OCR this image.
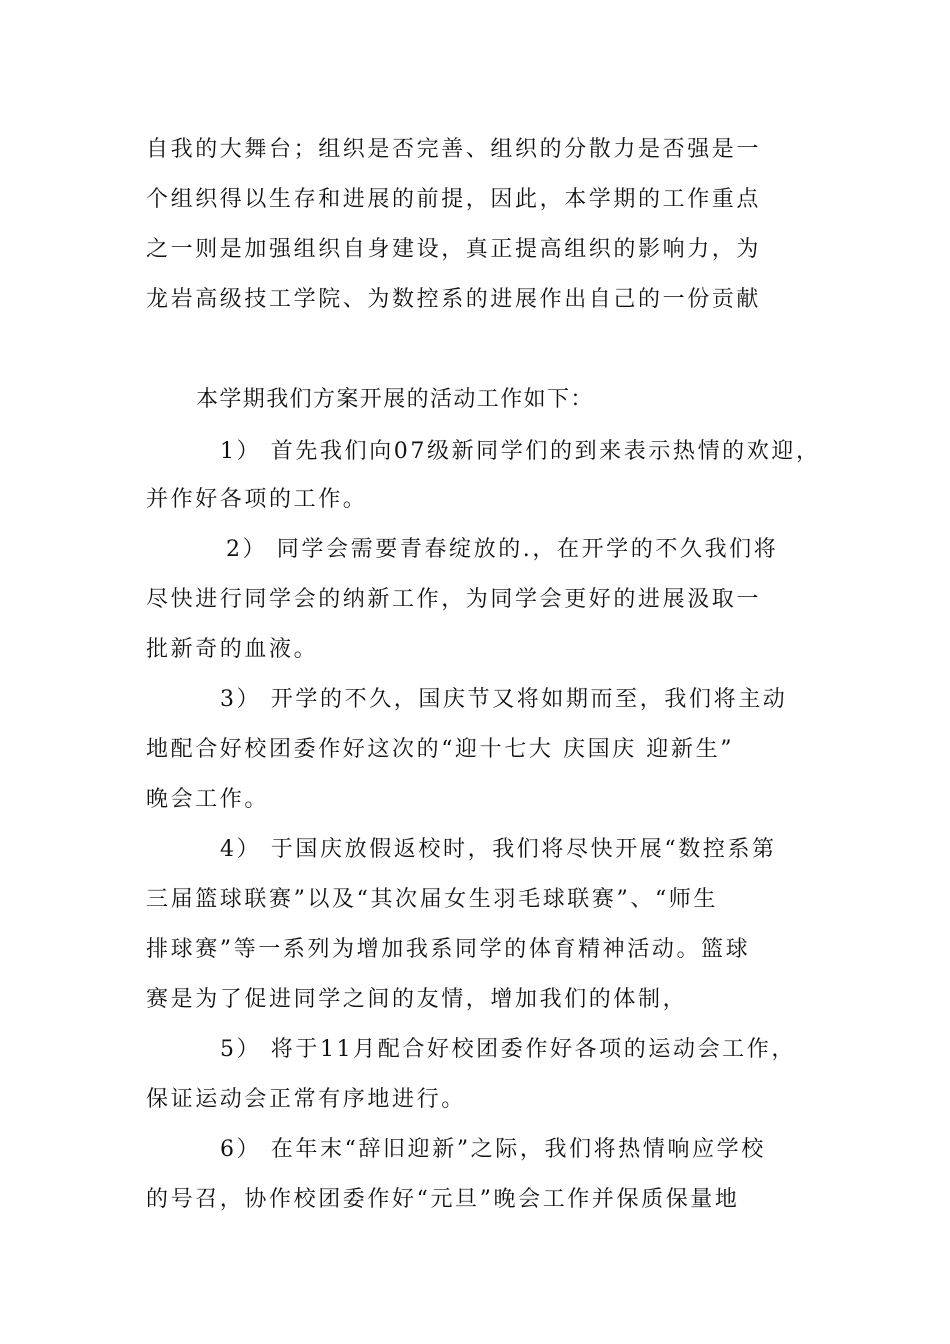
自我的大舞台；组织是否完善、组织的分散力是否强是一
个组织得以生存和进展的前提，因此，本学期的工作重点
之一则是加强组织自身建设，真正提高组织的影响力，为
龙岩高级技工学院、为数控系的进展作出自己的一份贡献
本学期我们方案开展的活动工作如下：
1） 首先我们向07级新同学们的到来表示热情的欢迎，
并作好各项的工作。
2） 同学会需要青春绽放的.，在开学的不久我们将
尽快进行同学会的纳新工作，为同学会更好的进展汲取一
批新奇的血液。
3） 开学的不久，国庆节又将如期而至，我们将主动
地配合好校团委作好这次的“迎十七大 庆国庆 迎新生”
晚会工作。
4） 于国庆放假返校时，我们将尽快开展“数控系第
三届篮球联赛”以及“其次届女生羽毛球联赛”、“师生
排球赛”等一系列为增加我系同学的体育精神活动。篮球
赛是为了促进同学之间的友情，增加我们的体制，
5） 将于11月配合好校团委作好各项的运动会工作，
保证运动会正常有序地进行。
6） 在年末“辞旧迎新”之际，我们将热情响应学校
的号召，协作校团委作好“元旦”晚会工作并保质保量地
